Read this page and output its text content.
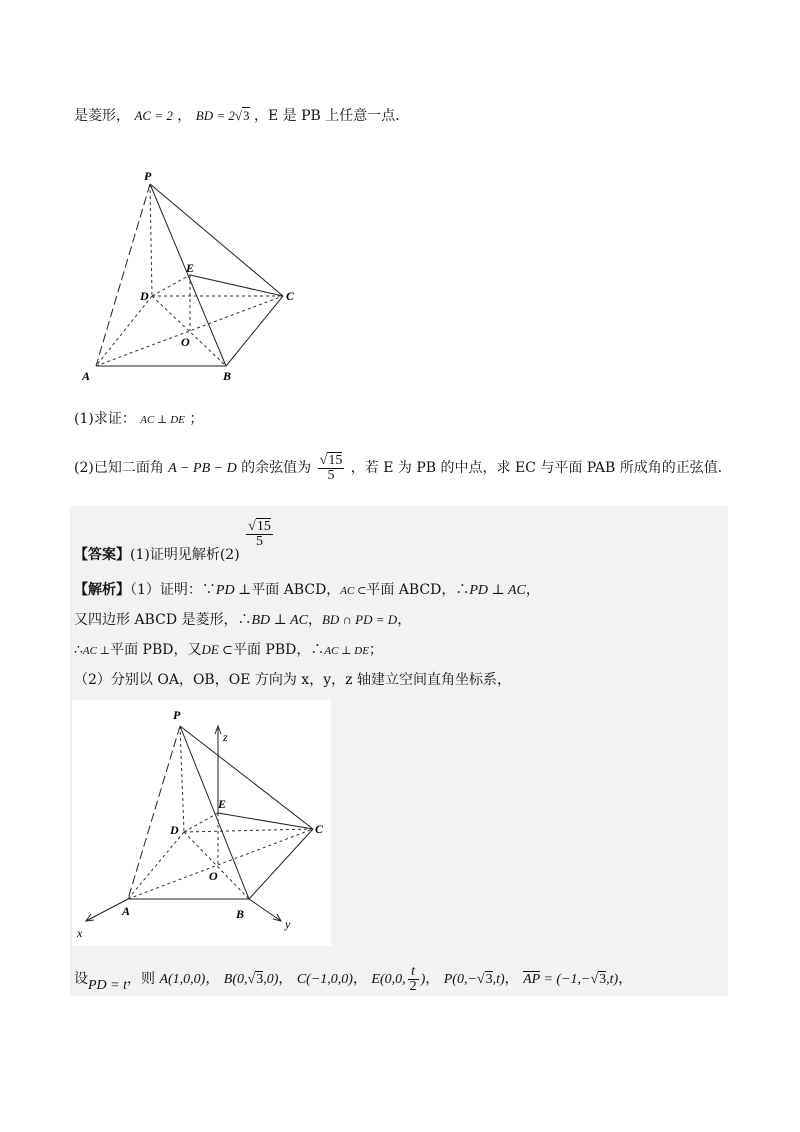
是菱形， AC = 2 ， BD = 2√3 ，E 是 PB 上任意一点．
P
E
D	C
O
A	B
(1)求证： AC ⊥ DE ；
(2)已知二面角 A − PB − D 的余弦值为 $\frac{√15}{5}$ ，若 E 为 PB 的中点，求 EC 与平面 PAB 所成角的正弦值．
【答案】(1)证明见解析(2)
$\frac{√15}{5}$
【解析】（1）证明：∵PD ⊥平面 ABCD，AC ⊂平面 ABCD，∴PD ⊥ AC，
又四边形 ABCD 是菱形，∴BD ⊥ AC，BD ∩ PD = D，
∴AC ⊥平面 PBD，又DE ⊂平面 PBD，∴AC ⊥ DE；
（2）分别以 OA，OB，OE 方向为 x，y，z 轴建立空间直角坐标系，
P
z
E
D	C
O
A	B
y
x
设PD = t，则 A(1,0,0)， B(0,√3,0)， C(−1,0,0)， E(0,0, $\frac{t}{2}$ )， P(0,−√3,t)， AP = (−1,−√3,t)，
